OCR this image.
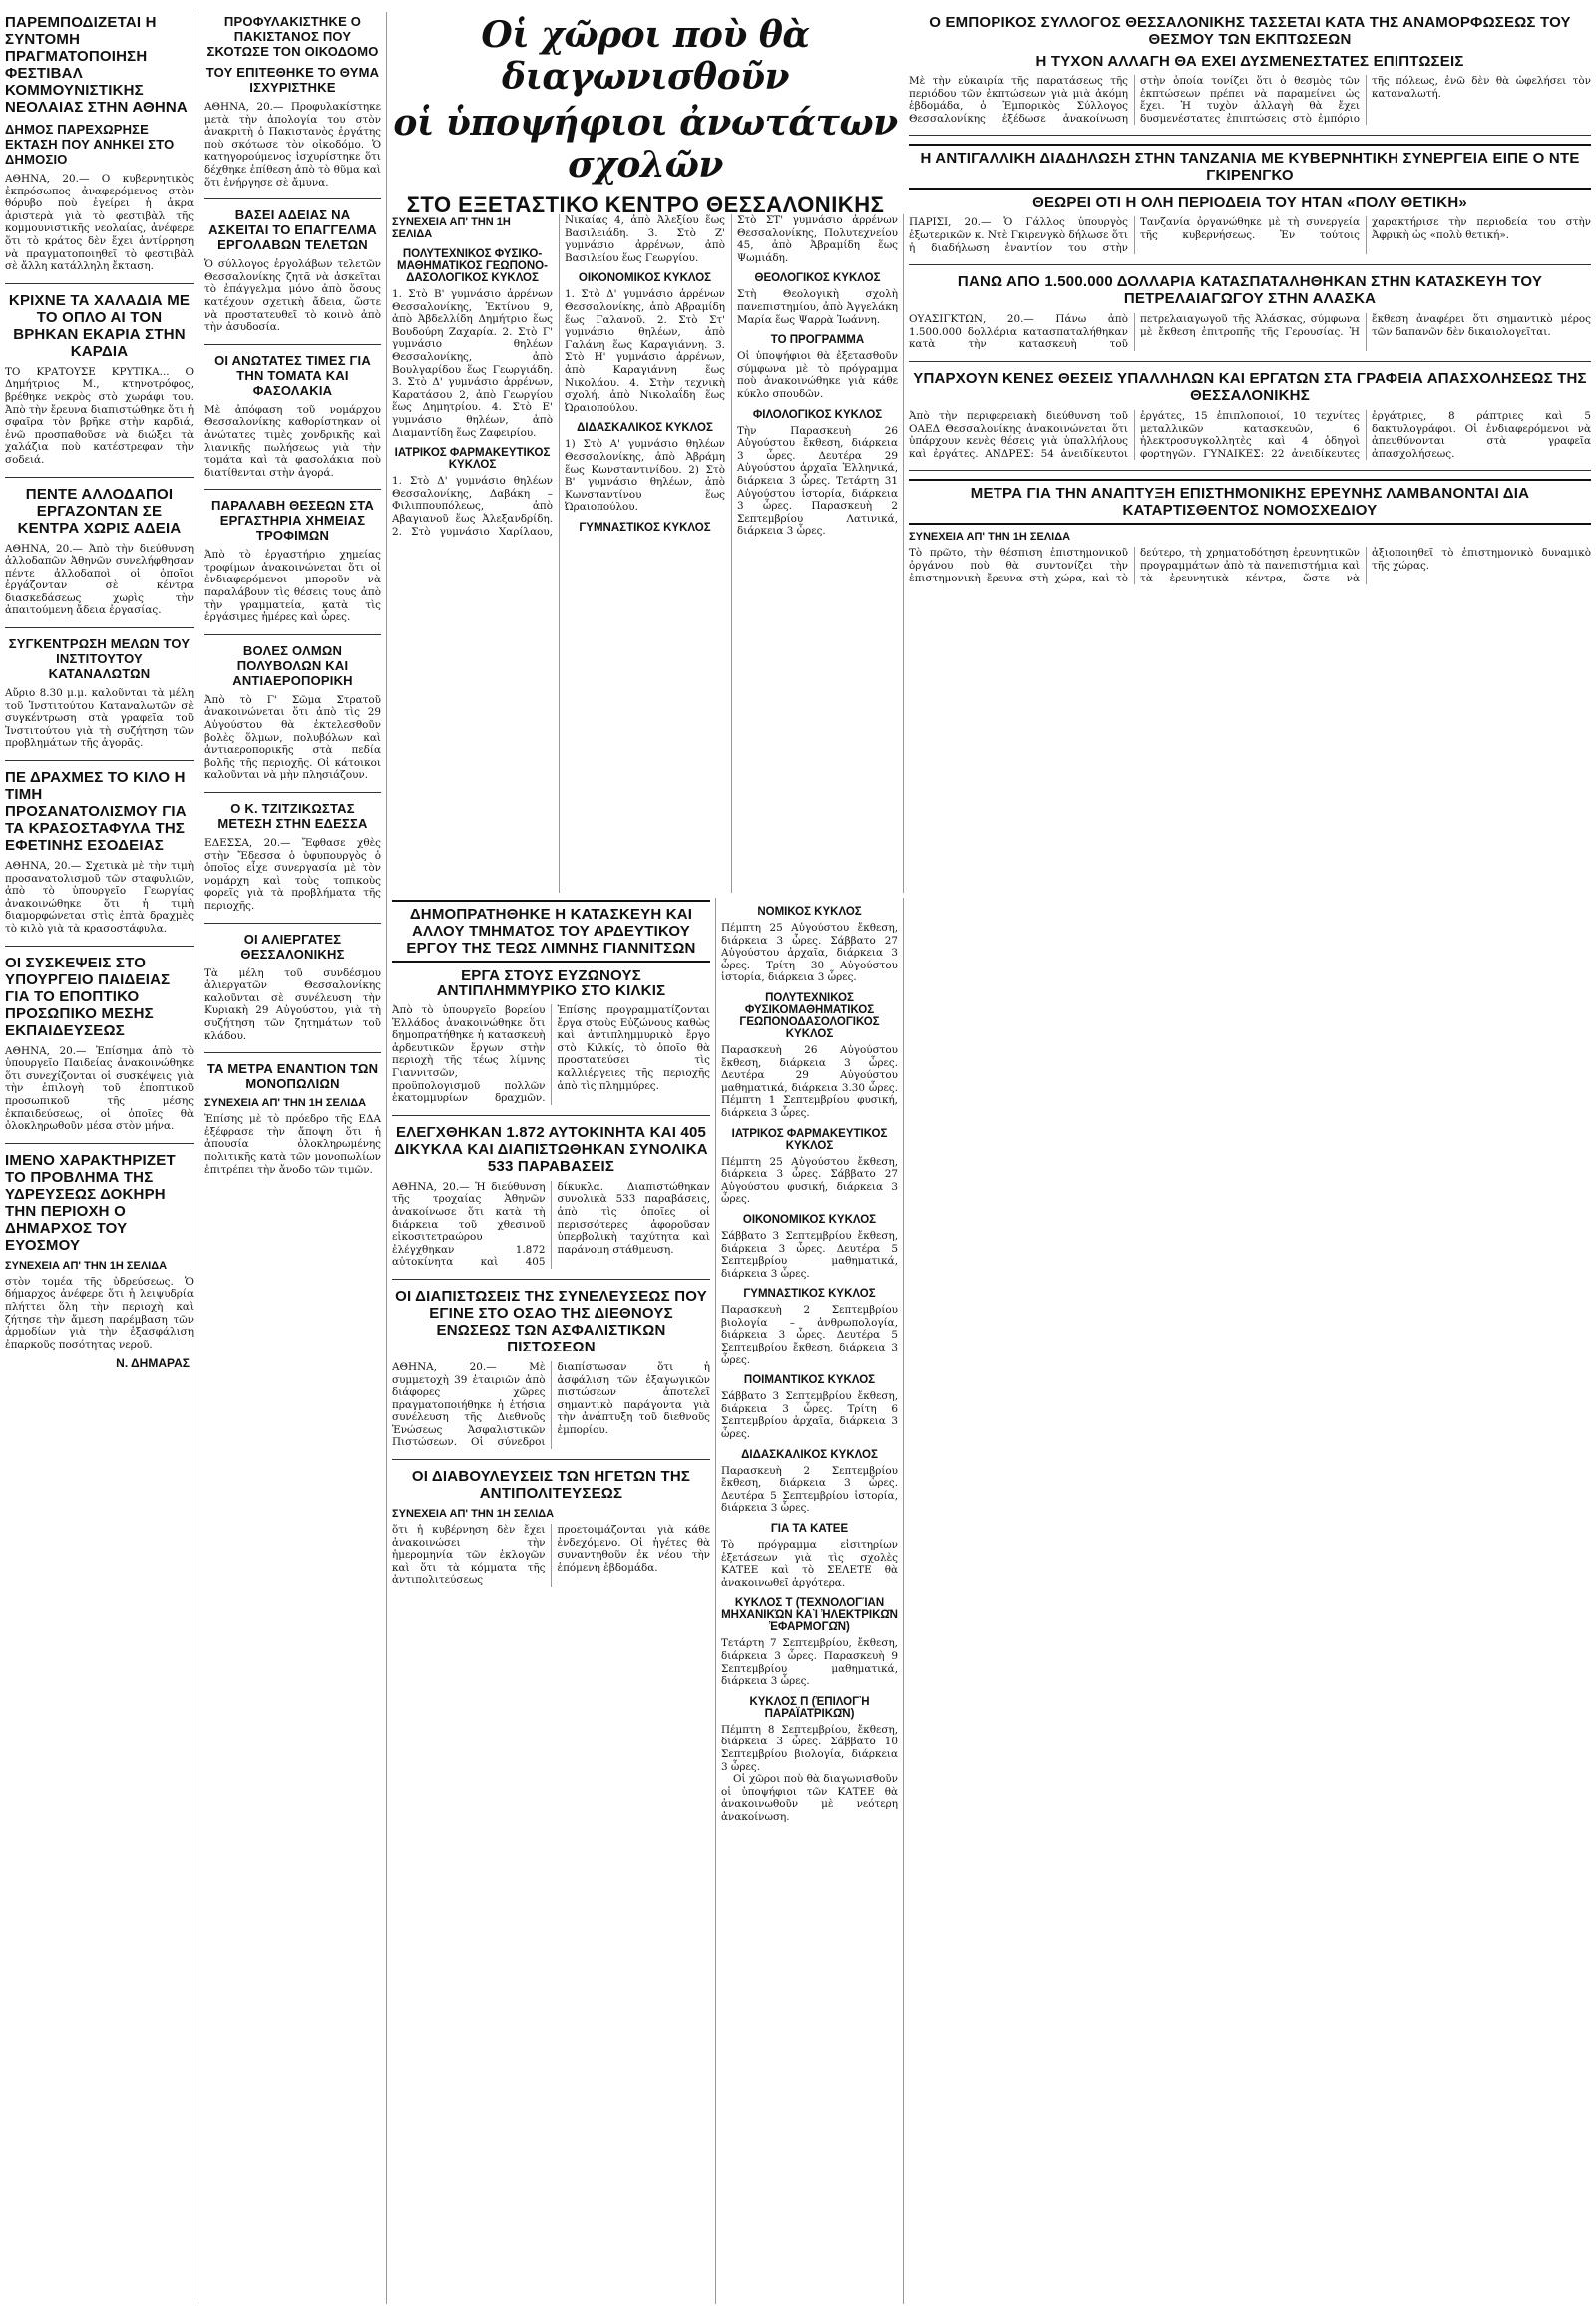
ΠΑΡΕΜΠΟΔΙΖΕΤΑΙ Η ΣΥΝΤΟΜΗ ΠΡΑΓΜΑΤΟΠΟΙΗΣΗ ΦΕΣΤΙΒΑΛ ΚΟΜΜΟΥΝΙΣΤΙΚΗΣ ΝΕΟΛΑΙΑΣ ΣΤΗΝ ΑΘΗΝΑ
ΔΗΜΟΣ ΠΑΡΕΧΩΡΗΣΕ ΕΚΤΑΣΗ ΠΟΥ ΑΝΗΚΕΙ ΣΤΟ ΔΗΜΟΣΙΟ

ΑΘΗΝΑ, 20.— Ο κυβερνητικὸς ἐκπρόσωπος ἀναφερόμενος στὸν θόρυβο ποὺ ἐγείρει ἡ ἀκρα ἀριστερὰ γιὰ τὸ φεστιβὰλ τῆς κομμουνιστικῆς νεολαίας, ἀνέφερε ὅτι τὸ κράτος δὲν ἔχει ἀντίρρηση νὰ πραγματοποιηθεῖ τὸ φεστιβὰλ σὲ ἄλλη κατάλληλη ἔκταση.

ΚΡΙΧΝΕ ΤΑ ΧΑΛΑΔΙΑ ΜΕ ΤΟ ΟΠΛΟ ΑΙ ΤΟΝ ΒΡΗΚΑΝ ΕΚΑΡΙΑ ΣΤΗΝ ΚΑΡΔΙΑ

ΤΟ ΚΡΑΤΟΥΣΕ ΚΡΥΤΙΚΑ... Ο Δημήτριος Μ., κτηνοτρόφος, βρέθηκε νεκρὸς στὸ χωράφι του. Ἀπὸ τὴν ἔρευνα διαπιστώθηκε ὅτι ἡ σφαῖρα τὸν βρῆκε στὴν καρδιά, ἐνῶ προσπαθοῦσε νὰ διώξει τὰ χαλάζια ποὺ κατέστρεφαν τὴν σοδειά.

ΠΕΝΤΕ ΑΛΛΟΔΑΠΟΙ ΕΡΓΑΖΟΝΤΑΝ ΣΕ ΚΕΝΤΡΑ ΧΩΡΙΣ ΑΔΕΙΑ

ΑΘΗΝΑ, 20.— Ἀπὸ τὴν διεύθυνση ἀλλοδαπῶν Ἀθηνῶν συνελήφθησαν πέντε ἀλλοδαποὶ οἱ ὁποῖοι ἐργάζονταν σὲ κέντρα διασκεδάσεως χωρὶς τὴν ἀπαιτούμενη ἄδεια ἐργασίας.

ΣΥΓΚΕΝΤΡΩΣΗ ΜΕΛΩΝ ΤΟΥ ΙΝΣΤΙΤΟΥΤΟΥ ΚΑΤΑΝΑΛΩΤΩΝ

Αὔριο 8.30 μ.μ. καλοῦνται τὰ μέλη τοῦ Ἰνστιτούτου Καταναλωτῶν σὲ συγκέντρωση στὰ γραφεῖα τοῦ Ἰνστιτούτου γιὰ τὴ συζήτηση τῶν προβλημάτων τῆς ἀγορᾶς.

ΠΕ ΔΡΑΧΜΕΣ ΤΟ ΚΙΛΟ Η ΤΙΜΗ ΠΡΟΣΑΝΑΤΟΛΙΣΜΟΥ ΓΙΑ ΤΑ ΚΡΑΣΟΣΤΑΦΥΛΑ ΤΗΣ ΕΦΕΤΙΝΗΣ ΕΣΟΔΕΙΑΣ

ΑΘΗΝΑ, 20.— Σχετικὰ μὲ τὴν τιμὴ προσανατολισμοῦ τῶν σταφυλιῶν, ἀπὸ τὸ ὑπουργεῖο Γεωργίας ἀνακοινώθηκε ὅτι ἡ τιμὴ διαμορφώνεται στὶς ἐπτὰ δραχμὲς τὸ κιλὸ γιὰ τὰ κρασοστάφυλα.

ΟΙ ΣΥΣΚΕΨΕΙΣ ΣΤΟ ΥΠΟΥΡΓΕΙΟ ΠΑΙΔΕΙΑΣ ΓΙΑ ΤΟ ΕΠΟΠΤΙΚΟ ΠΡΟΣΩΠΙΚΟ ΜΕΣΗΣ ΕΚΠΑΙΔΕΥΣΕΩΣ

ΑΘΗΝΑ, 20.— Ἐπίσημα ἀπὸ τὸ ὑπουργεῖο Παιδείας ἀνακοινώθηκε ὅτι συνεχίζονται οἱ συσκέψεις γιὰ τὴν ἐπιλογὴ τοῦ ἐποπτικοῦ προσωπικοῦ τῆς μέσης ἐκπαιδεύσεως, οἱ ὁποῖες θὰ ὁλοκληρωθοῦν μέσα στὸν μήνα.

ΙΜΕΝΟ ΧΑΡΑΚΤΗΡΙΖΕΤ ΤΟ ΠΡΟΒΛΗΜΑ ΤΗΣ ΥΔΡΕΥΣΕΩΣ ΔΟΚΗΡΗ ΤΗΝ ΠΕΡΙΟΧΗ Ο ΔΗΜΑΡΧΟΣ ΤΟΥ ΕΥΟΣΜΟΥ
ΣΥΝΕΧΕΙΑ ΑΠ' ΤΗΝ 1Η ΣΕΛΙΔΑ

στὸν τομέα τῆς ὑδρεύσεως. Ὁ δήμαρχος ἀνέφερε ὅτι ἡ λειψυδρία πλήττει ὅλη τὴν περιοχὴ καὶ ζήτησε τὴν ἄμεση παρέμβαση τῶν ἁρμοδίων γιὰ τὴν ἐξασφάλιση ἐπαρκοῦς ποσότητας νεροῦ.

Ν. ΔΗΜΑΡΑΣ
ΠΡΟΦΥΛΑΚΙΣΤΗΚΕ Ο ΠΑΚΙΣΤΑΝΟΣ ΠΟΥ ΣΚΟΤΩΣΕ ΤΟΝ ΟΙΚΟΔΟΜΟ
ΤΟΥ ΕΠΙΤΕΘΗΚΕ ΤΟ ΘΥΜΑ ΙΣΧΥΡΙΣΤΗΚΕ

ΑΘΗΝΑ, 20.— Προφυλακίστηκε μετὰ τὴν ἀπολογία του στὸν ἀνακριτὴ ὁ Πακιστανὸς ἐργάτης ποὺ σκότωσε τὸν οἰκοδόμο. Ὁ κατηγορούμενος ἰσχυρίστηκε ὅτι δέχθηκε ἐπίθεση ἀπὸ τὸ θῦμα καὶ ὅτι ἐνήργησε σὲ ἄμυνα.

ΒΑΣΕΙ ΑΔΕΙΑΣ ΝΑ ΑΣΚΕΙΤΑΙ ΤΟ ΕΠΑΓΓΕΛΜΑ ΕΡΓΟΛΑΒΩΝ ΤΕΛΕΤΩΝ

Ὁ σύλλογος ἐργολάβων τελετῶν Θεσσαλονίκης ζητᾶ νὰ ἀσκεῖται τὸ ἐπάγγελμα μόνο ἀπὸ ὅσους κατέχουν σχετικὴ ἄδεια, ὥστε νὰ προστατευθεῖ τὸ κοινὸ ἀπὸ τὴν ἀσυδοσία.

ΟΙ ΑΝΩΤΑΤΕΣ ΤΙΜΕΣ ΓΙΑ ΤΗΝ ΤΟΜΑΤΑ ΚΑΙ ΦΑΣΟΛΑΚΙΑ

Μὲ ἀπόφαση τοῦ νομάρχου Θεσσαλονίκης καθορίστηκαν οἱ ἀνώτατες τιμὲς χονδρικῆς καὶ λιανικῆς πωλήσεως γιὰ τὴν τομάτα καὶ τὰ φασολάκια ποὺ διατίθενται στὴν ἀγορά.

ΠΑΡΑΛΑΒΗ ΘΕΣΕΩΝ ΣΤΑ ΕΡΓΑΣΤΗΡΙΑ ΧΗΜΕΙΑΣ ΤΡΟΦΙΜΩΝ

Ἀπὸ τὸ ἐργαστήριο χημείας τροφίμων ἀνακοινώνεται ὅτι οἱ ἐνδιαφερόμενοι μποροῦν νὰ παραλάβουν τὶς θέσεις τους ἀπὸ τὴν γραμματεία, κατὰ τὶς ἐργάσιμες ἡμέρες καὶ ὧρες.

ΒΟΛΕΣ ΟΛΜΩΝ ΠΟΛΥΒΟΛΩΝ ΚΑΙ ΑΝΤΙΑΕΡΟΠΟΡΙΚΗ

Ἀπὸ τὸ Γ' Σῶμα Στρατοῦ ἀνακοινώνεται ὅτι ἀπὸ τὶς 29 Αὐγούστου θὰ ἐκτελεσθοῦν βολὲς ὅλμων, πολυβόλων καὶ ἀντιαεροπορικῆς στὰ πεδία βολῆς τῆς περιοχῆς. Οἱ κάτοικοι καλοῦνται νὰ μὴν πλησιάζουν.

Ο Κ. ΤΖΙΤΖΙΚΩΣΤΑΣ ΜΕΤΕΣΗ ΣΤΗΝ ΕΔΕΣΣΑ

ΕΔΕΣΣΑ, 20.— Ἔφθασε χθὲς στὴν Ἔδεσσα ὁ ὑφυπουργὸς ὁ ὁποῖος εἶχε συνεργασία μὲ τὸν νομάρχη καὶ τοὺς τοπικοὺς φορεῖς γιὰ τὰ προβλήματα τῆς περιοχῆς.

ΟΙ ΑΛΙΕΡΓΑΤΕΣ ΘΕΣΣΑΛΟΝΙΚΗΣ

Τὰ μέλη τοῦ συνδέσμου ἁλιεργατῶν Θεσσαλονίκης καλοῦνται σὲ συνέλευση τὴν Κυριακὴ 29 Αὐγούστου, γιὰ τὴ συζήτηση τῶν ζητημάτων τοῦ κλάδου.

ΤΑ ΜΕΤΡΑ ΕΝΑΝΤΙΟΝ ΤΩΝ ΜΟΝΟΠΩΛΙΩΝ
ΣΥΝΕΧΕΙΑ ΑΠ' ΤΗΝ 1Η ΣΕΛΙΔΑ

Ἐπίσης μὲ τὸ πρόεδρο τῆς ΕΔΑ ἐξέφρασε τὴν ἄποψη ὅτι ἡ ἀπουσία ὁλοκληρωμένης πολιτικῆς κατὰ τῶν μονοπωλίων ἐπιτρέπει τὴν ἄνοδο τῶν τιμῶν.

Οἱ χῶροι ποὺ θὰ διαγωνισθοῦν
οἱ ὑποψήφιοι ἀνωτάτων σχολῶν
ΣΤΟ ΕΞΕΤΑΣΤΙΚΟ ΚΕΝΤΡΟ ΘΕΣΣΑΛΟΝΙΚΗΣ
ΣΥΝΕΧΕΙΑ ΑΠ' ΤΗΝ 1Η ΣΕΛΙΔΑ
ΠΟΛΥΤΕΧΝΙΚΟΣ ΦΥΣΙΚΟ-ΜΑΘΗΜΑΤΙΚΟΣ ΓΕΩΠΟΝΟ-ΔΑΣΟΛΟΓΙΚΟΣ ΚΥΚΛΟΣ

1. Στὸ Β' γυμνάσιο ἀρρένων Θεσσαλονίκης, Ἐκτίνου 9, ἀπὸ Ἀβδελλίδη Δημήτριο ἕως Βουδούρη Ζαχαρία. 2. Στὸ Γ' γυμνάσιο θηλέων Θεσσαλονίκης, ἀπὸ Βουλγαρίδου ἕως Γεωργιάδη. 3. Στὸ Δ' γυμνάσιο ἀρρένων, Καρατάσου 2, ἀπὸ Γεωργίου ἕως Δημητρίου. 4. Στὸ Ε' γυμνάσιο θηλέων, ἀπὸ Διαμαντίδη ἕως Ζαφειρίου.

ΙΑΤΡΙΚΟΣ ΦΑΡΜΑΚΕΥΤΙΚΟΣ ΚΥΚΛΟΣ

1. Στὸ Δ' γυμνάσιο θηλέων Θεσσαλονίκης, Δαβάκη – Φιλιππουπόλεως, ἀπὸ Αβαγιανοῦ ἕως Ἀλεξανδρίδη. 2. Στὸ γυμνάσιο Χαρίλαου, Νικαίας 4, ἀπὸ Ἀλεξίου ἕως Βασιλειάδη. 3. Στὸ Ζ' γυμνάσιο ἀρρένων, ἀπὸ Βασιλείου ἕως Γεωργίου.

ΟΙΚΟΝΟΜΙΚΟΣ ΚΥΚΛΟΣ

1. Στὸ Δ' γυμνάσιο ἀρρένων Θεσσαλονίκης, ἀπὸ Αβραμίδη ἕως Γαλανοῦ. 2. Στὸ Στ' γυμνάσιο θηλέων, ἀπὸ Γαλάνη ἕως Καραγιάννη. 3. Στὸ Η' γυμνάσιο ἀρρένων, ἀπὸ Καραγιάννη ἕως Νικολάου. 4. Στὴν τεχνικὴ σχολή, ἀπὸ Νικολαΐδη ἕως Ὠραιοπούλου.

ΔΙΔΑΣΚΑΛΙΚΟΣ ΚΥΚΛΟΣ

1) Στὸ Α' γυμνάσιο θηλέων Θεσσαλονίκης, ἀπὸ Ἀβράμη ἕως Κωνσταντινίδου. 2) Στὸ Β' γυμνάσιο θηλέων, ἀπὸ Κωνσταντίνου ἕως Ὠραιοπούλου.

ΓΥΜΝΑΣΤΙΚΟΣ ΚΥΚΛΟΣ

Στὸ ΣΤ' γυμνάσιο ἀρρένων Θεσσαλονίκης, Πολυτεχνείου 45, ἀπὸ Ἀβραμίδη ἕως Ψωμιάδη.

ΘΕΟΛΟΓΙΚΟΣ ΚΥΚΛΟΣ

Στὴ Θεολογικὴ σχολὴ πανεπιστημίου, ἀπὸ Ἀγγελάκη Μαρία ἕως Ψαρρὰ Ἰωάννη.

ΤΟ ΠΡΟΓΡΑΜΜΑ

Οἱ ὑποψήφιοι θὰ ἐξετασθοῦν σύμφωνα μὲ τὸ πρόγραμμα ποὺ ἀνακοινώθηκε γιὰ κάθε κύκλο σπουδῶν.

ΦΙΛΟΛΟΓΙΚΟΣ ΚΥΚΛΟΣ

Τὴν Παρασκευὴ 26 Αὐγούστου ἔκθεση, διάρκεια 3 ὧρες. Δευτέρα 29 Αὐγούστου ἀρχαῖα Ἑλληνικά, διάρκεια 3 ὧρες. Τετάρτη 31 Αὐγούστου ἱστορία, διάρκεια 3 ὧρες. Παρασκευὴ 2 Σεπτεμβρίου Λατινικά, διάρκεια 3 ὧρες.

ΔΗΜΟΠΡΑΤΗΘΗΚΕ Η ΚΑΤΑΣΚΕΥΗ ΚΑΙ ΑΛΛΟΥ ΤΜΗΜΑΤΟΣ ΤΟΥ ΑΡΔΕΥΤΙΚΟΥ ΕΡΓΟΥ ΤΗΣ ΤΕΩΣ ΛΙΜΝΗΣ ΓΙΑΝΝΙΤΣΩΝ
ΕΡΓΑ ΣΤΟΥΣ ΕΥΖΩΝΟΥΣ ΑΝΤΙΠΛΗΜΜΥΡΙΚΟ ΣΤΟ ΚΙΛΚΙΣ

Ἀπὸ τὸ ὑπουργεῖο βορείου Ἑλλάδος ἀνακοινώθηκε ὅτι δημοπρατήθηκε ἡ κατασκευὴ ἀρδευτικῶν ἔργων στὴν περιοχὴ τῆς τέως λίμνης Γιαννιτσῶν, προϋπολογισμοῦ πολλῶν ἑκατομμυρίων δραχμῶν. Ἐπίσης προγραμματίζονται ἔργα στοὺς Εὐζώνους καθὼς καὶ ἀντιπλημμυρικὸ ἔργο στὸ Κιλκίς, τὸ ὁποῖο θὰ προστατεύσει τὶς καλλιέργειες τῆς περιοχῆς ἀπὸ τὶς πλημμύρες.

ΕΛΕΓΧΘΗΚΑΝ 1.872 ΑΥΤΟΚΙΝΗΤΑ ΚΑΙ 405 ΔΙΚΥΚΛΑ ΚΑΙ ΔΙΑΠΙΣΤΩΘΗΚΑΝ ΣΥΝΟΛΙΚΑ 533 ΠΑΡΑΒΑΣΕΙΣ

ΑΘΗΝΑ, 20.— Ἡ διεύθυνση τῆς τροχαίας Ἀθηνῶν ἀνακοίνωσε ὅτι κατὰ τὴ διάρκεια τοῦ χθεσινοῦ εἰκοσιτετραώρου ἐλέγχθηκαν 1.872 αὐτοκίνητα καὶ 405 δίκυκλα. Διαπιστώθηκαν συνολικὰ 533 παραβάσεις, ἀπὸ τὶς ὁποῖες οἱ περισσότερες ἀφοροῦσαν ὑπερβολικὴ ταχύτητα καὶ παράνομη στάθμευση.

ΟΙ ΔΙΑΠΙΣΤΩΣΕΙΣ ΤΗΣ ΣΥΝΕΛΕΥΣΕΩΣ ΠΟΥ ΕΓΙΝΕ ΣΤΟ ΟΣΑΟ ΤΗΣ ΔΙΕΘΝΟΥΣ ΕΝΩΣΕΩΣ ΤΩΝ ΑΣΦΑΛΙΣΤΙΚΩΝ ΠΙΣΤΩΣΕΩΝ

ΑΘΗΝΑ, 20.— Μὲ συμμετοχὴ 39 ἐταιριῶν ἀπὸ διάφορες χῶρες πραγματοποιήθηκε ἡ ἐτήσια συνέλευση τῆς Διεθνοῦς Ἑνώσεως Ἀσφαλιστικῶν Πιστώσεων. Οἱ σύνεδροι διαπίστωσαν ὅτι ἡ ἀσφάλιση τῶν ἐξαγωγικῶν πιστώσεων ἀποτελεῖ σημαντικὸ παράγοντα γιὰ τὴν ἀνάπτυξη τοῦ διεθνοῦς ἐμπορίου.

ΟΙ ΔΙΑΒΟΥΛΕΥΣΕΙΣ ΤΩΝ ΗΓΕΤΩΝ ΤΗΣ ΑΝΤΙΠΟΛΙΤΕΥΣΕΩΣ
ΣΥΝΕΧΕΙΑ ΑΠ' ΤΗΝ 1Η ΣΕΛΙΔΑ

ὅτι ἡ κυβέρνηση δὲν ἔχει ἀνακοινώσει τὴν ἡμερομηνία τῶν ἐκλογῶν καὶ ὅτι τὰ κόμματα τῆς ἀντιπολιτεύσεως προετοιμάζονται γιὰ κάθε ἐνδεχόμενο. Οἱ ἡγέτες θὰ συναντηθοῦν ἐκ νέου τὴν ἑπόμενη ἑβδομάδα.

ΝΟΜΙΚΟΣ ΚΥΚΛΟΣ

Πέμπτη 25 Αὐγούστου ἔκθεση, διάρκεια 3 ὧρες. Σάββατο 27 Αὐγούστου ἀρχαῖα, διάρκεια 3 ὧρες. Τρίτη 30 Αὐγούστου ἱστορία, διάρκεια 3 ὧρες.

ΠΟΛΥΤΕΧΝΙΚΟΣ ΦΥΣΙΚΟΜΑΘΗΜΑΤΙΚΟΣ ΓΕΩΠΟΝΟΔΑΣΟΛΟΓΙΚΟΣ ΚΥΚΛΟΣ

Παρασκευὴ 26 Αὐγούστου ἔκθεση, διάρκεια 3 ὧρες. Δευτέρα 29 Αὐγούστου μαθηματικά, διάρκεια 3.30 ὧρες. Πέμπτη 1 Σεπτεμβρίου φυσική, διάρκεια 3 ὧρες.

ΙΑΤΡΙΚΟΣ ΦΑΡΜΑΚΕΥΤΙΚΟΣ ΚΥΚΛΟΣ

Πέμπτη 25 Αὐγούστου ἔκθεση, διάρκεια 3 ὧρες. Σάββατο 27 Αὐγούστου φυσική, διάρκεια 3 ὧρες.

ΟΙΚΟΝΟΜΙΚΟΣ ΚΥΚΛΟΣ

Σάββατο 3 Σεπτεμβρίου ἔκθεση, διάρκεια 3 ὧρες. Δευτέρα 5 Σεπτεμβρίου μαθηματικά, διάρκεια 3 ὧρες.

ΓΥΜΝΑΣΤΙΚΟΣ ΚΥΚΛΟΣ

Παρασκευὴ 2 Σεπτεμβρίου βιολογία – ἀνθρωπολογία, διάρκεια 3 ὧρες. Δευτέρα 5 Σεπτεμβρίου ἔκθεση, διάρκεια 3 ὧρες.

ΠΟΙΜΑΝΤΙΚΟΣ ΚΥΚΛΟΣ

Σάββατο 3 Σεπτεμβρίου ἔκθεση, διάρκεια 3 ὧρες. Τρίτη 6 Σεπτεμβρίου ἀρχαῖα, διάρκεια 3 ὧρες.

ΔΙΔΑΣΚΑΛΙΚΟΣ ΚΥΚΛΟΣ

Παρασκευὴ 2 Σεπτεμβρίου ἔκθεση, διάρκεια 3 ὧρες. Δευτέρα 5 Σεπτεμβρίου ἱστορία, διάρκεια 3 ὧρες.

ΓΙΑ ΤΑ ΚΑΤΕΕ

Τὸ πρόγραμμα εἰσιτηρίων ἐξετάσεων γιὰ τὶς σχολὲς ΚΑΤΕΕ καὶ τὸ ΣΕΛΕΤΕ θὰ ἀνακοινωθεῖ ἀργότερα.

ΚΥΚΛΟΣ Τ (ΤΕΧΝΟΛΟΓΊΑΝ ΜΗΧΑΝΙΚΏΝ ΚΑῚ ἨΛΕΚΤΡΙΚΩ͂Ν ἘΦΑΡΜΟΓΩ͂Ν)

Τετάρτη 7 Σεπτεμβρίου, ἔκθεση, διάρκεια 3 ὧρες. Παρασκευὴ 9 Σεπτεμβρίου μαθηματικά, διάρκεια 3 ὧρες.

ΚΥΚΛΟΣ Π (ἘΠΙΛΟΓῊ ΠΑΡΑΪΑΤΡΙΚΩ͂Ν)

Πέμπτη 8 Σεπτεμβρίου, ἔκθεση, διάρκεια 3 ὧρες. Σάββατο 10 Σεπτεμβρίου βιολογία, διάρκεια 3 ὧρες.

Οἱ χῶροι ποὺ θὰ διαγωνισθοῦν οἱ ὑποψήφιοι τῶν ΚΑΤΕΕ θὰ ἀνακοινωθοῦν μὲ νεότερη ἀνακοίνωση.

Ο ΕΜΠΟΡΙΚΟΣ ΣΥΛΛΟΓΟΣ ΘΕΣΣΑΛΟΝΙΚΗΣ ΤΑΣΣΕΤΑΙ ΚΑΤΑ ΤΗΣ ΑΝΑΜΟΡΦΩΣΕΩΣ ΤΟΥ ΘΕΣΜΟΥ ΤΩΝ ΕΚΠΤΩΣΕΩΝ
Η ΤΥΧΟΝ ΑΛΛΑΓΗ ΘΑ ΕΧΕΙ ΔΥΣΜΕΝΕΣΤΑΤΕΣ ΕΠΙΠΤΩΣΕΙΣ

Μὲ τὴν εὐκαιρία τῆς παρατάσεως τῆς περιόδου τῶν ἐκπτώσεων γιὰ μιὰ ἀκόμη ἑβδομάδα, ὁ Ἐμπορικὸς Σύλλογος Θεσσαλονίκης ἐξέδωσε ἀνακοίνωση στὴν ὁποία τονίζει ὅτι ὁ θεσμὸς τῶν ἐκπτώσεων πρέπει νὰ παραμείνει ὡς ἔχει. Ἡ τυχὸν ἀλλαγὴ θὰ ἔχει δυσμενέστατες ἐπιπτώσεις στὸ ἐμπόριο τῆς πόλεως, ἐνῶ δὲν θὰ ὠφελήσει τὸν καταναλωτή.

Η ΑΝΤΙΓΑΛΛΙΚΗ ΔΙΑΔΗΛΩΣΗ ΣΤΗΝ ΤΑΝΖΑΝΙΑ ΜΕ ΚΥΒΕΡΝΗΤΙΚΗ ΣΥΝΕΡΓΕΙΑ ΕΙΠΕ Ο ΝΤΕ ΓΚΙΡΕΝΓΚΟ
ΘΕΩΡΕΙ ΟΤΙ Η ΟΛΗ ΠΕΡΙΟΔΕΙΑ ΤΟΥ ΗΤΑΝ «ΠΟΛΥ ΘΕΤΙΚΗ»

ΠΑΡΙΣΙ, 20.— Ὁ Γάλλος ὑπουργὸς ἐξωτερικῶν κ. Ντὲ Γκιρενγκὸ δήλωσε ὅτι ἡ διαδήλωση ἐναντίον του στὴν Τανζανία ὀργανώθηκε μὲ τὴ συνεργεία τῆς κυβερνήσεως. Ἐν τούτοις χαρακτήρισε τὴν περιοδεία του στὴν Ἀφρικὴ ὡς «πολὺ θετική».

ΠΑΝΩ ΑΠΟ 1.500.000 ΔΟΛΛΑΡΙΑ ΚΑΤΑΣΠΑΤΑΛΗΘΗΚΑΝ ΣΤΗΝ ΚΑΤΑΣΚΕΥΗ ΤΟΥ ΠΕΤΡΕΛΑΙΑΓΩΓΟΥ ΣΤΗΝ ΑΛΑΣΚΑ

ΟΥΑΣΙΓΚΤΩΝ, 20.— Πάνω ἀπὸ 1.500.000 δολλάρια κατασπαταλήθηκαν κατὰ τὴν κατασκευὴ τοῦ πετρελαιαγωγοῦ τῆς Ἀλάσκας, σύμφωνα μὲ ἔκθεση ἐπιτροπῆς τῆς Γερουσίας. Ἡ ἔκθεση ἀναφέρει ὅτι σημαντικὸ μέρος τῶν δαπανῶν δὲν δικαιολογεῖται.

ΥΠΑΡΧΟΥΝ ΚΕΝΕΣ ΘΕΣΕΙΣ ΥΠΑΛΛΗΛΩΝ ΚΑΙ ΕΡΓΑΤΩΝ ΣΤΑ ΓΡΑΦΕΙΑ ΑΠΑΣΧΟΛΗΣΕΩΣ ΤΗΣ ΘΕΣΣΑΛΟΝΙΚΗΣ

Ἀπὸ τὴν περιφερειακὴ διεύθυνση τοῦ ΟΑΕΔ Θεσσαλονίκης ἀνακοινώνεται ὅτι ὑπάρχουν κενὲς θέσεις γιὰ ὑπαλλήλους καὶ ἐργάτες. ΑΝΔΡΕΣ: 54 ἀνειδίκευτοι ἐργάτες, 15 ἐπιπλοποιοί, 10 τεχνίτες μεταλλικῶν κατασκευῶν, 6 ἠλεκτροσυγκολλητὲς καὶ 4 ὁδηγοὶ φορτηγῶν. ΓΥΝΑΙΚΕΣ: 22 ἀνειδίκευτες ἐργάτριες, 8 ράπτριες καὶ 5 δακτυλογράφοι. Οἱ ἐνδιαφερόμενοι νὰ ἀπευθύνονται στὰ γραφεῖα ἀπασχολήσεως.

ΜΕΤΡΑ ΓΙΑ ΤΗΝ ΑΝΑΠΤΥΞΗ ΕΠΙΣΤΗΜΟΝΙΚΗΣ ΕΡΕΥΝΗΣ ΛΑΜΒΑΝΟΝΤΑΙ ΔΙΑ ΚΑΤΑΡΤΙΣΘΕΝΤΟΣ ΝΟΜΟΣΧΕΔΙΟΥ
ΣΥΝΕΧΕΙΑ ΑΠ' ΤΗΝ 1Η ΣΕΛΙΔΑ

Τὸ πρῶτο, τὴν θέσπιση ἐπιστημονικοῦ ὀργάνου ποὺ θὰ συντονίζει τὴν ἐπιστημονικὴ ἔρευνα στὴ χώρα, καὶ τὸ δεύτερο, τὴ χρηματοδότηση ἐρευνητικῶν προγραμμάτων ἀπὸ τὰ πανεπιστήμια καὶ τὰ ἐρευνητικὰ κέντρα, ὥστε νὰ ἀξιοποιηθεῖ τὸ ἐπιστημονικὸ δυναμικὸ τῆς χώρας.
